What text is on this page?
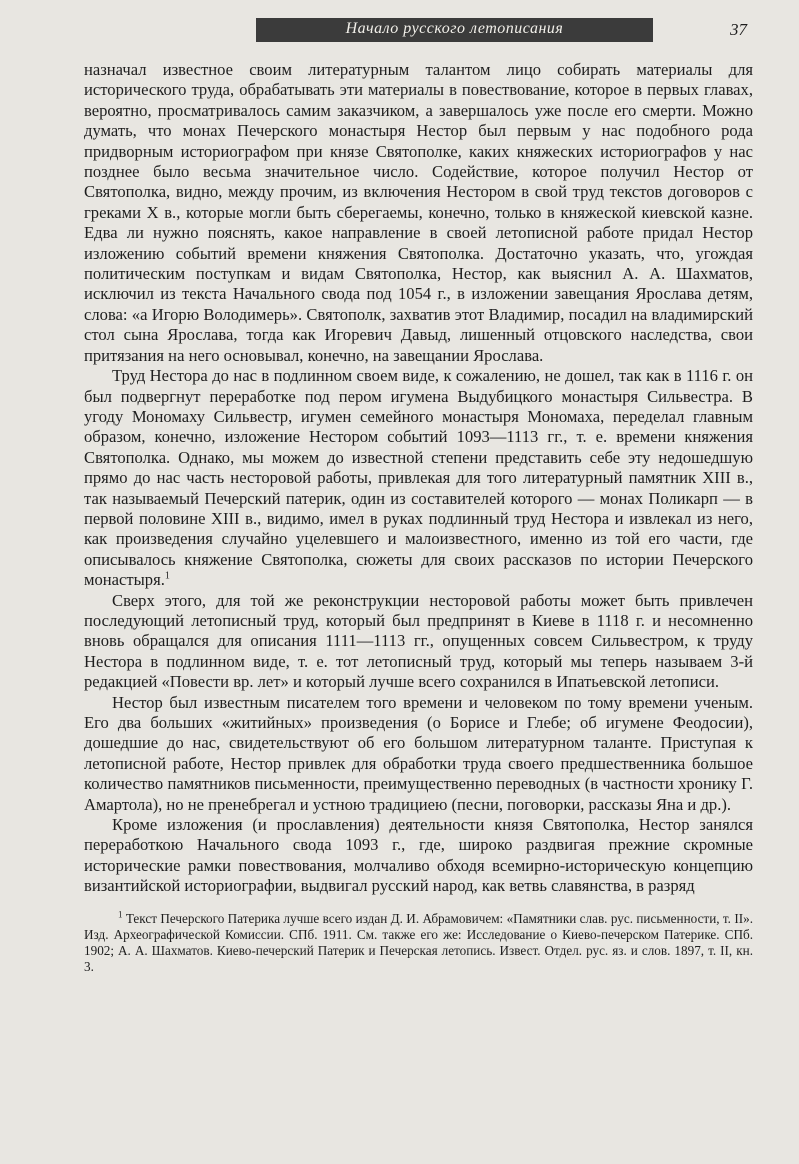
Начало русского летописания	37

назначал известное своим литературным талантом лицо собирать материалы для исторического труда, обрабатывать эти материалы в повествование, которое в первых главах, вероятно, просматривалось самим заказчиком, а завершалось уже после его смерти. Можно думать, что монах Печерского монастыря Нестор был первым у нас подобного рода придворным историографом при князе Святополке, каких княжеских историографов у нас позднее было весьма значительное число. Содействие, которое получил Нестор от Святополка, видно, между прочим, из включения Нестором в свой труд текстов договоров с греками X в., которые могли быть сберегаемы, конечно, только в княжеской киевской казне. Едва ли нужно пояснять, какое направление в своей летописной работе придал Нестор изложению событий времени княжения Святополка. Достаточно указать, что, угождая политическим поступкам и видам Святополка, Нестор, как выяснил А. А. Шахматов, исключил из текста Начального свода под 1054 г., в изложении завещания Ярослава детям, слова: «а Игорю Володимерь». Святополк, захватив этот Владимир, посадил на владимирский стол сына Ярослава, тогда как Игоревич Давыд, лишенный отцовского наследства, свои притязания на него основывал, конечно, на завещании Ярослава.

Труд Нестора до нас в подлинном своем виде, к сожалению, не дошел, так как в 1116 г. он был подвергнут переработке под пером игумена Выдубицкого монастыря Сильвестра. В угоду Мономаху Сильвестр, игумен семейного монастыря Мономаха, переделал главным образом, конечно, изложение Нестором событий 1093—1113 гг., т. е. времени княжения Святополка. Однако, мы можем до известной степени представить себе эту недошедшую прямо до нас часть несторовой работы, привлекая для того литературный памятник XIII в., так называемый Печерский патерик, один из составителей которого — монах Поликарп — в первой половине XIII в., видимо, имел в руках подлинный труд Нестора и извлекал из него, как произведения случайно уцелевшего и малоизвестного, именно из той его части, где описывалось княжение Святополка, сюжеты для своих рассказов по истории Печерского монастыря.$^1$

Сверх этого, для той же реконструкции несторовой работы может быть привлечен последующий летописный труд, который был предпринят в Киеве в 1118 г. и несомненно вновь обращался для описания 1111—1113 гг., опущенных совсем Сильвестром, к труду Нестора в подлинном виде, т. е. тот летописный труд, который мы теперь называем 3-й редакцией «Повести вр. лет» и который лучше всего сохранился в Ипатьевской летописи.

Нестор был известным писателем того времени и человеком по тому времени ученым. Его два больших «житийных» произведения (о Борисе и Глебе; об игумене Феодосии), дошедшие до нас, свидетельствуют об его большом литературном таланте. Приступая к летописной работе, Нестор привлек для обработки труда своего предшественника большое количество памятников письменности, преимущественно переводных (в частности хронику Г. Амартола), но не пренебрегал и устною традициею (песни, поговорки, рассказы Яна и др.).

Кроме изложения (и прославления) деятельности князя Святополка, Нестор занялся переработкою Начального свода 1093 г., где, широко раздвигая прежние скромные исторические рамки повествования, молчаливо обходя всемирно-историческую концепцию византийской историографии, выдвигал русский народ, как ветвь славянства, в разряд

$^1$ Текст Печерского Патерика лучше всего издан Д. И. Абрамовичем: «Памятники слав. рус. письменности, т. II». Изд. Археографической Комиссии. СПб. 1911. См. также его же: Исследование о Киево-печерском Патерике. СПб. 1902; А. А. Шахматов. Киево-печерский Патерик и Печерская летопись. Извест. Отдел. рус. яз. и слов. 1897, т. II, кн. 3.
